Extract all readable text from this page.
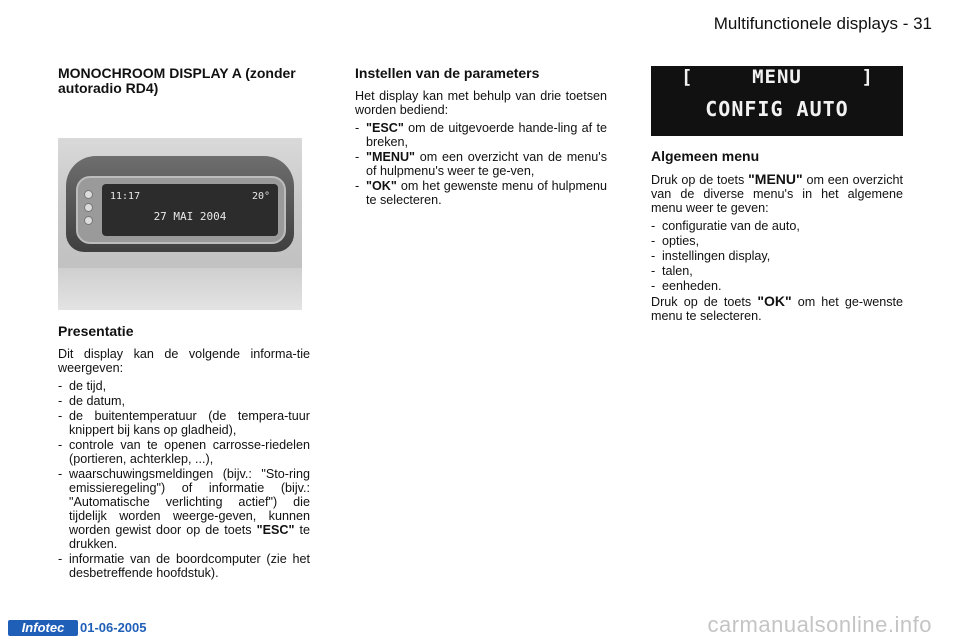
Multifunctionele displays - 31
MONOCHROOM DISPLAY A (zonder autoradio RD4)
11:17	20°
27 MAI 2004
Presentatie

Dit display kan de volgende informa-tie weergeven:

- de tijd,
- de datum,
- de buitentemperatuur (de tempera-tuur knippert bij kans op gladheid),
- controle van te openen carrosse-riedelen (portieren, achterklep, ...),
- waarschuwingsmeldingen (bijv.: "Sto-ring emissieregeling") of informatie (bijv.: "Automatische verlichting actief") die tijdelijk worden weerge-geven, kunnen worden gewist door op de toets "ESC" te drukken.
- informatie van de boordcomputer (zie het desbetreffende hoofdstuk).
Instellen van de parameters

Het display kan met behulp van drie toetsen worden bediend:

- "ESC" om de uitgevoerde hande-ling af te breken,
- "MENU" om een overzicht van de menu's of hulpmenu's weer te ge-ven,
- "OK" om het gewenste menu of hulpmenu te selecteren.
[	MENU	]
CONFIG AUTO
Algemeen menu

Druk op de toets "MENU" om een overzicht van de diverse menu's in het algemene menu weer te geven:

- configuratie van de auto,
- opties,
- instellingen display,
- talen,
- eenheden.

Druk op de toets "OK" om het ge-wenste menu te selecteren.

Infotec	01-06-2005	carmanualsonline.info
